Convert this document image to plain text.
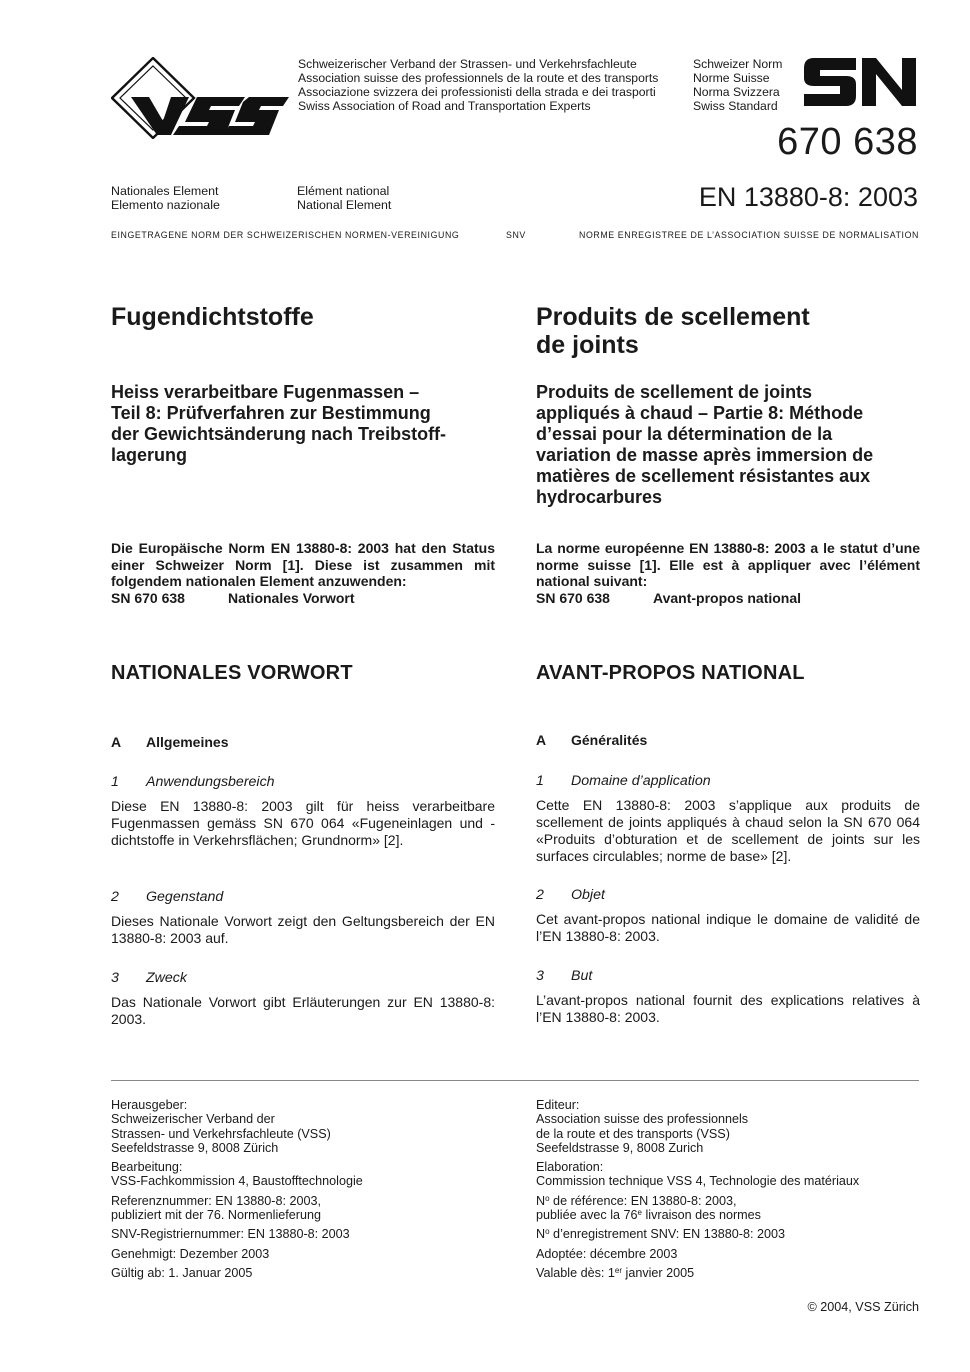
Schweizerischer Verband der Strassen- und Verkehrsfachleute
Association suisse des professionnels de la route et des transports
Associazione svizzera dei professionisti della strada e dei trasporti
Swiss Association of Road and Transportation Experts
Schweizer Norm
Norme Suisse
Norma Svizzera
Swiss Standard
670 638
EN 13880-8: 2003
Nationales Element
Elemento nazionale
Elément national
National Element
EINGETRAGENE NORM DER SCHWEIZERISCHEN NORMEN-VEREINIGUNG	SNV	NORME ENREGISTREE DE L’ASSOCIATION SUISSE DE NORMALISATION
Fugendichtstoffe
Heiss verarbeitbare Fugenmassen –
Teil 8: Prüfverfahren zur Bestimmung
der Gewichtsänderung nach Treibstoff-
lagerung

Die Europäische Norm EN 13880-8: 2003 hat den Status einer Schweizer Norm [1]. Diese ist zusammen mit folgendem nationalen Element anzuwenden:

SN 670 638	Nationales Vorwort
NATIONALES VORWORT
A Allgemeines
1 Anwendungsbereich

Diese EN 13880-8: 2003 gilt für heiss verarbeitbare Fugenmassen gemäss SN 670 064 «Fugeneinlagen und -dichtstoffe in Verkehrsflächen; Grundnorm» [2].

2 Gegenstand

Dieses Nationale Vorwort zeigt den Geltungsbereich der EN 13880-8: 2003 auf.

3 Zweck

Das Nationale Vorwort gibt Erläuterungen zur EN 13880-8: 2003.

Produits de scellement
de joints
Produits de scellement de joints
appliqués à chaud – Partie 8: Méthode
d’essai pour la détermination de la
variation de masse après immersion de
matières de scellement résistantes aux
hydrocarbures

La norme européenne EN 13880-8: 2003 a le statut d’une norme suisse [1]. Elle est à appliquer avec l’élément national suivant:

SN 670 638	Avant-propos national
AVANT-PROPOS NATIONAL
A Généralités
1 Domaine d’application

Cette EN 13880-8: 2003 s’applique aux produits de scellement de joints appliqués à chaud selon la SN 670 064 «Produits d’obturation et de scellement de joints sur les surfaces circulables; norme de base» [2].

2 Objet

Cet avant-propos national indique le domaine de validité de l’EN 13880-8: 2003.

3 But

L’avant-propos national fournit des explications relatives à l’EN 13880-8: 2003.

Herausgeber:
Schweizerischer Verband der
Strassen- und Verkehrsfachleute (VSS)
Seefeldstrasse 9, 8008 Zürich
Bearbeitung:
VSS-Fachkommission 4, Baustofftechnologie
Referenznummer: EN 13880-8: 2003,
publiziert mit der 76. Normenlieferung
SNV-Registriernummer: EN 13880-8: 2003
Genehmigt: Dezember 2003
Gültig ab: 1. Januar 2005
Editeur:
Association suisse des professionnels
de la route et des transports (VSS)
Seefeldstrasse 9, 8008 Zurich
Elaboration:
Commission technique VSS 4, Technologie des matériaux
$N^o$ de référence: EN 13880-8: 2003,
publiée avec la 76e livraison des normes
$N^o$ d’enregistrement SNV: EN 13880-8: 2003
Adoptée: décembre 2003
Valable dès: 1er janvier 2005
© 2004, VSS Zürich
